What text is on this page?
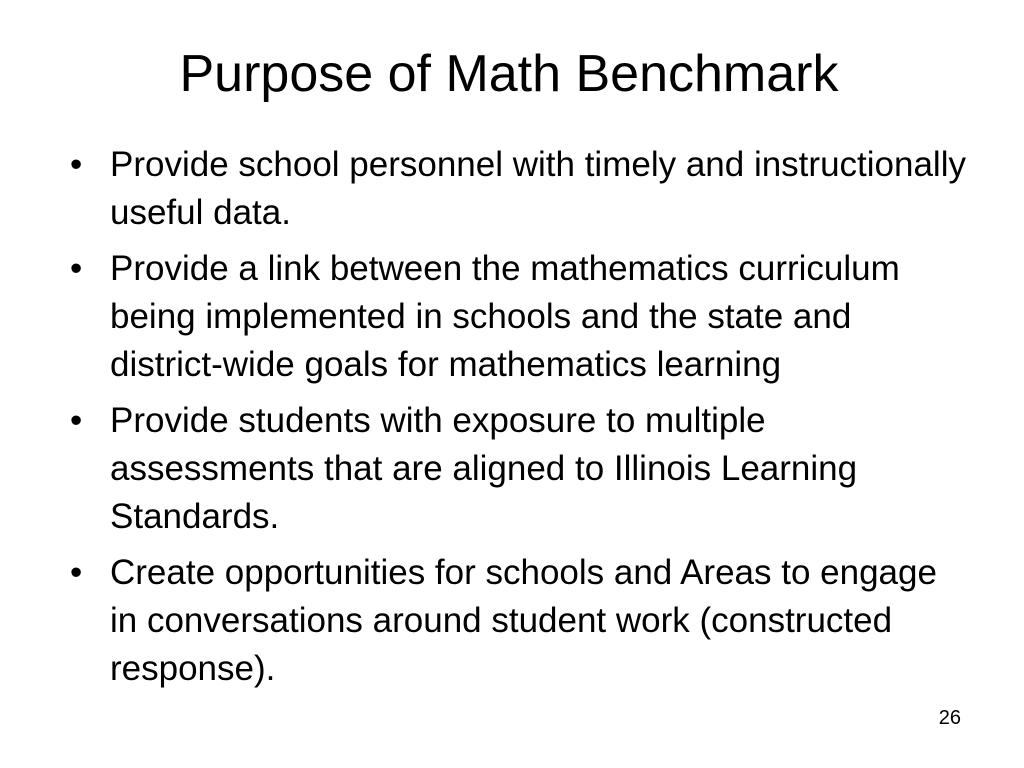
Purpose of Math Benchmark
• Provide school personnel with timely and instructionally useful data.
• Provide a link between the mathematics curriculum being implemented in schools and the state and district-wide goals for mathematics learning
• Provide students with exposure to multiple assessments that are aligned to Illinois Learning Standards.
• Create opportunities for schools and Areas to engage in conversations around student work (constructed response).
26
